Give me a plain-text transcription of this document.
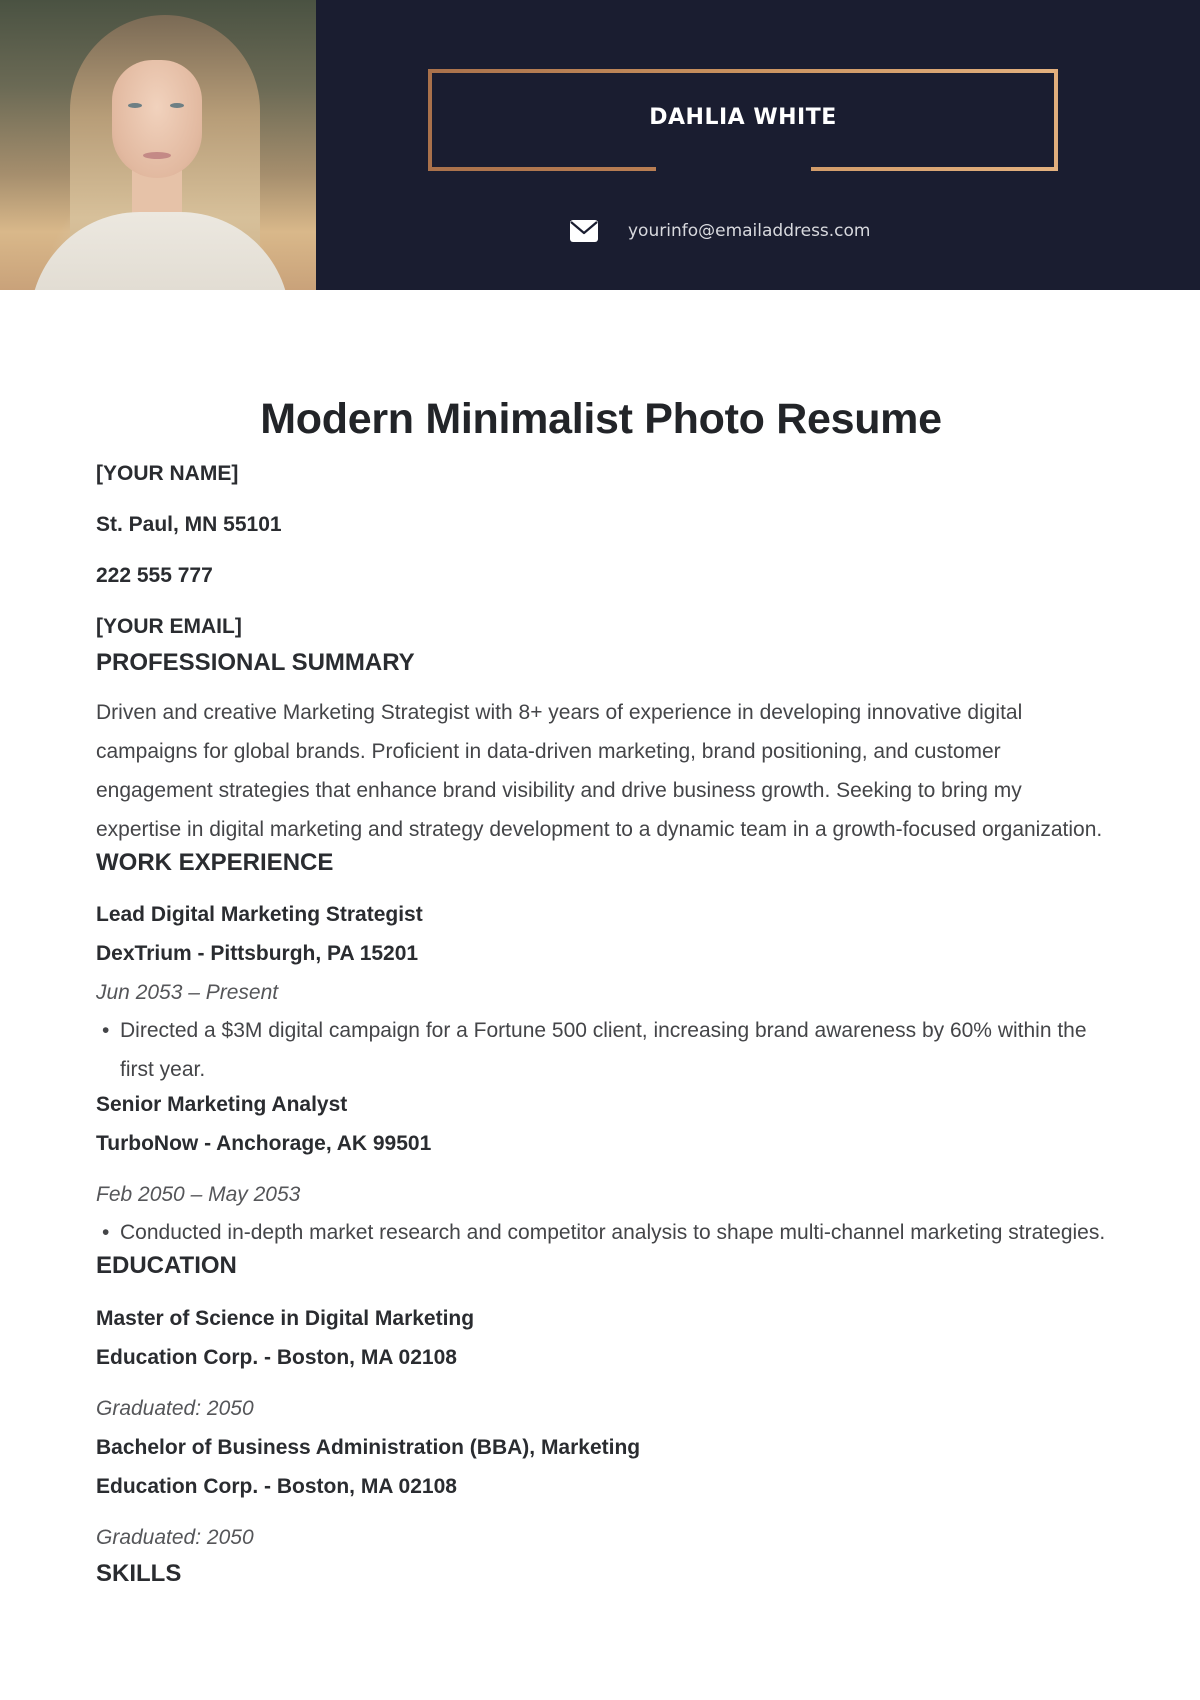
DAHLIA WHITE
yourinfo@emailaddress.com
Modern Minimalist Photo Resume

[YOUR NAME]

St. Paul, MN 55101

222 555 777

[YOUR EMAIL]

PROFESSIONAL SUMMARY

Driven and creative Marketing Strategist with 8+ years of experience in developing innovative digital campaigns for global brands. Proficient in data-driven marketing, brand positioning, and customer engagement strategies that enhance brand visibility and drive business growth. Seeking to bring my expertise in digital marketing and strategy development to a dynamic team in a growth-focused organization.

WORK EXPERIENCE

Lead Digital Marketing Strategist

DexTrium - Pittsburgh, PA 15201

Jun 2053 – Present

• Directed a $3M digital campaign for a Fortune 500 client, increasing brand awareness by 60% within the first year.

Senior Marketing Analyst

TurboNow - Anchorage, AK 99501

Feb 2050 – May 2053

• Conducted in-depth market research and competitor analysis to shape multi-channel marketing strategies.
EDUCATION

Master of Science in Digital Marketing

Education Corp. - Boston, MA 02108

Graduated: 2050

Bachelor of Business Administration (BBA), Marketing

Education Corp. - Boston, MA 02108

Graduated: 2050

SKILLS
